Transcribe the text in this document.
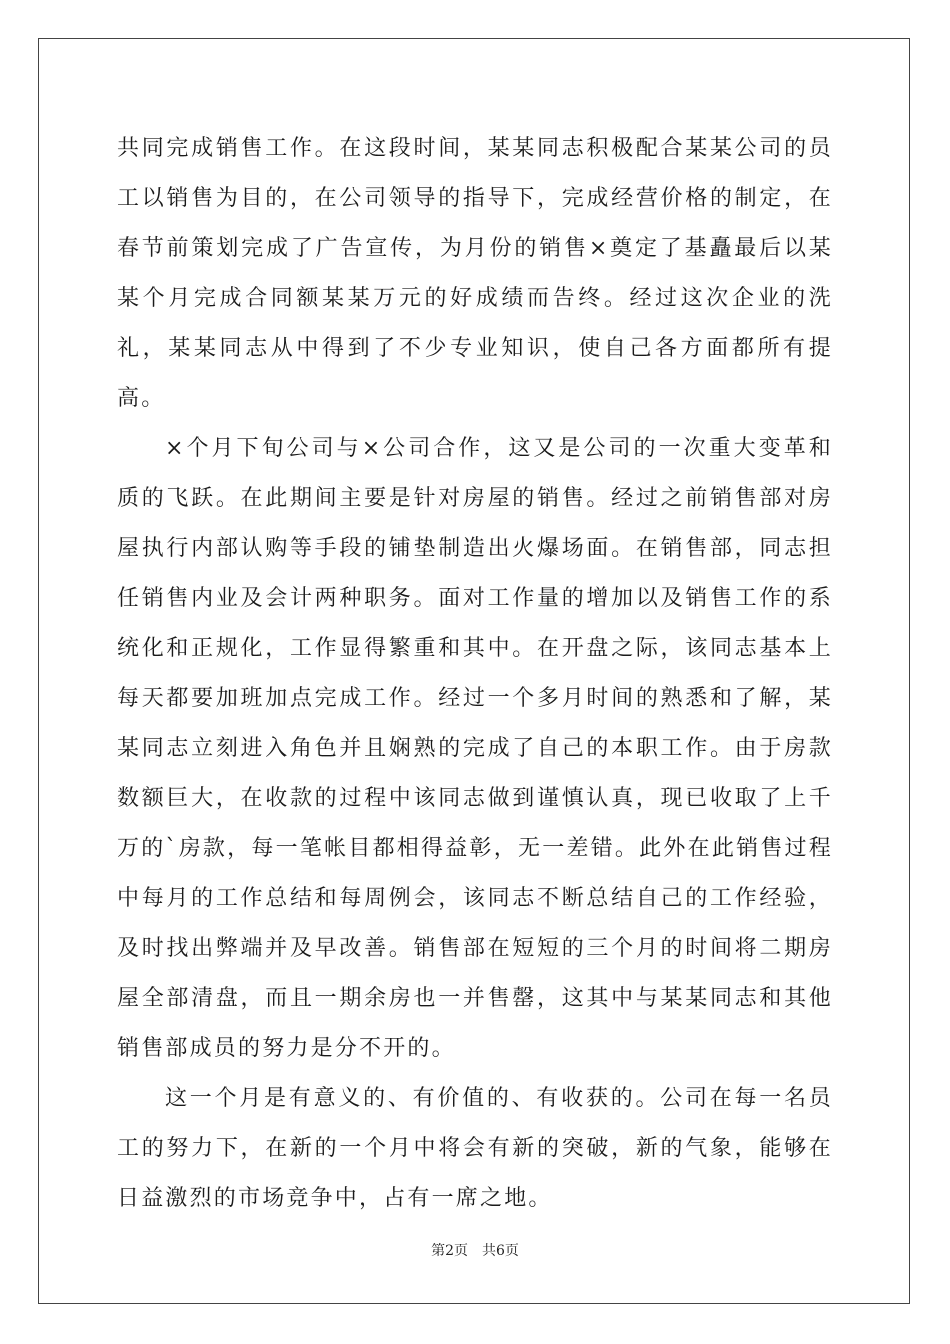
共同完成销售工作。在这段时间，某某同志积极配合某某公司的员工以销售为目的，在公司领导的指导下，完成经营价格的制定，在春节前策划完成了广告宣传，为月份的销售×奠定了基矗最后以某某个月完成合同额某某万元的好成绩而告终。经过这次企业的洗礼，某某同志从中得到了不少专业知识，使自己各方面都所有提高。

×个月下旬公司与×公司合作，这又是公司的一次重大变革和质的飞跃。在此期间主要是针对房屋的销售。经过之前销售部对房屋执行内部认购等手段的铺垫制造出火爆场面。在销售部，同志担任销售内业及会计两种职务。面对工作量的增加以及销售工作的系统化和正规化，工作显得繁重和其中。在开盘之际，该同志基本上每天都要加班加点完成工作。经过一个多月时间的熟悉和了解，某某同志立刻进入角色并且娴熟的完成了自己的本职工作。由于房款数额巨大，在收款的过程中该同志做到谨慎认真，现已收取了上千万的`房款，每一笔帐目都相得益彰，无一差错。此外在此销售过程中每月的工作总结和每周例会，该同志不断总结自己的工作经验，及时找出弊端并及早改善。销售部在短短的三个月的时间将二期房屋全部清盘，而且一期余房也一并售罄，这其中与某某同志和其他销售部成员的努力是分不开的。

这一个月是有意义的、有价值的、有收获的。公司在每一名员工的努力下，在新的一个月中将会有新的突破，新的气象，能够在日益激烈的市场竞争中，占有一席之地。

第2页　共6页
